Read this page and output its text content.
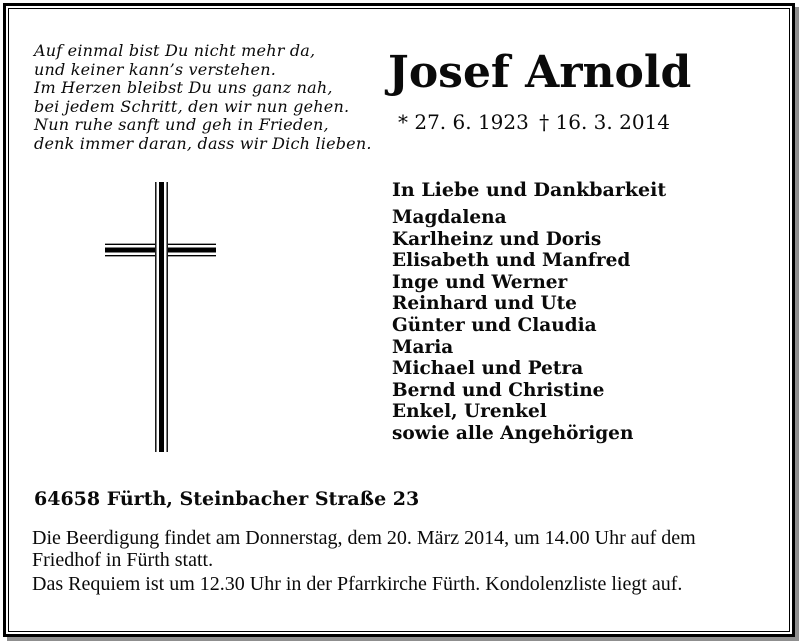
Auf einmal bist Du nicht mehr da,
und keiner kann’s verstehen.
Im Herzen bleibst Du uns ganz nah,
bei jedem Schritt, den wir nun gehen.
Nun ruhe sanft und geh in Frieden,
denk immer daran, dass wir Dich lieben.
Josef Arnold
* 27. 6. 1923 † 16. 3. 2014
In Liebe und Dankbarkeit
Magdalena
Karlheinz und Doris
Elisabeth und Manfred
Inge und Werner
Reinhard und Ute
Günter und Claudia
Maria
Michael und Petra
Bernd und Christine
Enkel, Urenkel
sowie alle Angehörigen
64658 Fürth, Steinbacher Straße 23
Die Beerdigung findet am Donnerstag, dem 20. März 2014, um 14.00 Uhr auf dem
Friedhof in Fürth statt.
Das Requiem ist um 12.30 Uhr in der Pfarrkirche Fürth. Kondolenzliste liegt auf.
